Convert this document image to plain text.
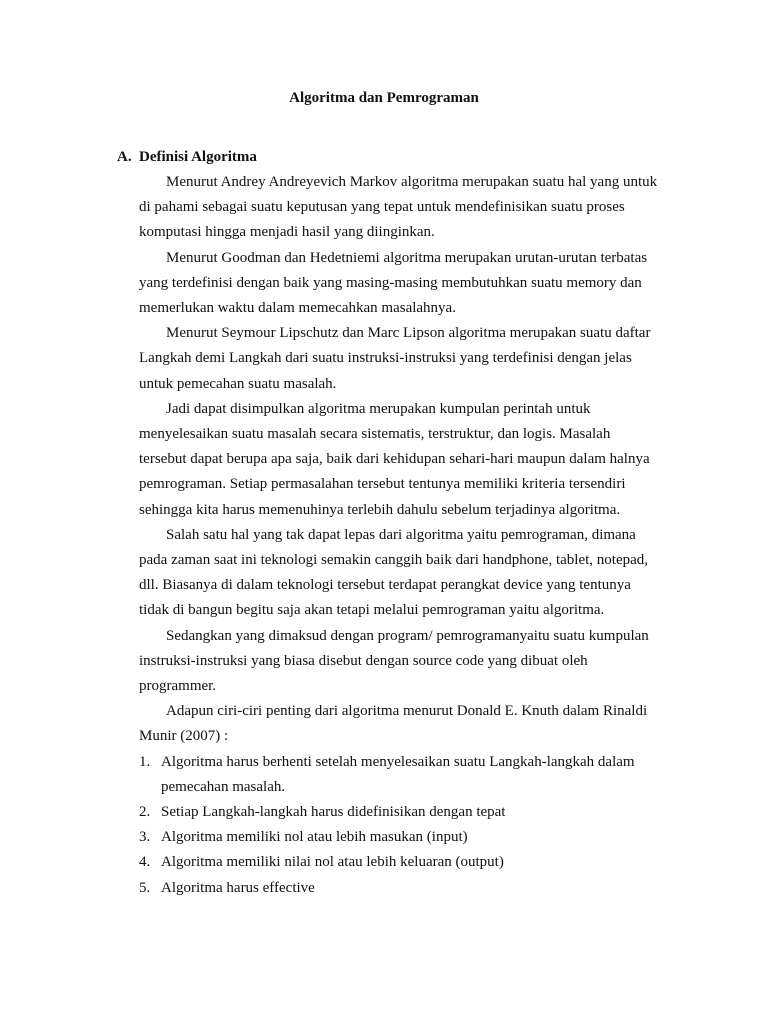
Algoritma dan Pemrograman
A. Definisi Algoritma

Menurut Andrey Andreyevich Markov algoritma merupakan suatu hal yang untuk
di pahami sebagai suatu keputusan yang tepat untuk mendefinisikan suatu proses
komputasi hingga menjadi hasil yang diinginkan.

Menurut Goodman dan Hedetniemi algoritma merupakan urutan-urutan terbatas
yang terdefinisi dengan baik yang masing-masing membutuhkan suatu memory dan
memerlukan waktu dalam memecahkan masalahnya.

Menurut Seymour Lipschutz dan Marc Lipson algoritma merupakan suatu daftar
Langkah demi Langkah dari suatu instruksi-instruksi yang terdefinisi dengan jelas
untuk pemecahan suatu masalah.

Jadi dapat disimpulkan algoritma merupakan kumpulan perintah untuk
menyelesaikan suatu masalah secara sistematis, terstruktur, dan logis. Masalah
tersebut dapat berupa apa saja, baik dari kehidupan sehari-hari maupun dalam halnya
pemrograman. Setiap permasalahan tersebut tentunya memiliki kriteria tersendiri
sehingga kita harus memenuhinya terlebih dahulu sebelum terjadinya algoritma.

Salah satu hal yang tak dapat lepas dari algoritma yaitu pemrograman, dimana
pada zaman saat ini teknologi semakin canggih baik dari handphone, tablet, notepad,
dll. Biasanya di dalam teknologi tersebut terdapat perangkat device yang tentunya
tidak di bangun begitu saja akan tetapi melalui pemrograman yaitu algoritma.

Sedangkan yang dimaksud dengan program/ pemrogramanyaitu suatu kumpulan
instruksi-instruksi yang biasa disebut dengan source code yang dibuat oleh
programmer.

Adapun ciri-ciri penting dari algoritma menurut Donald E. Knuth dalam Rinaldi
Munir (2007) :

1. Algoritma harus berhenti setelah menyelesaikan suatu Langkah-langkah dalam
pemecahan masalah.
2. Setiap Langkah-langkah harus didefinisikan dengan tepat
3. Algoritma memiliki nol atau lebih masukan (input)
4. Algoritma memiliki nilai nol atau lebih keluaran (output)
5. Algoritma harus effective
